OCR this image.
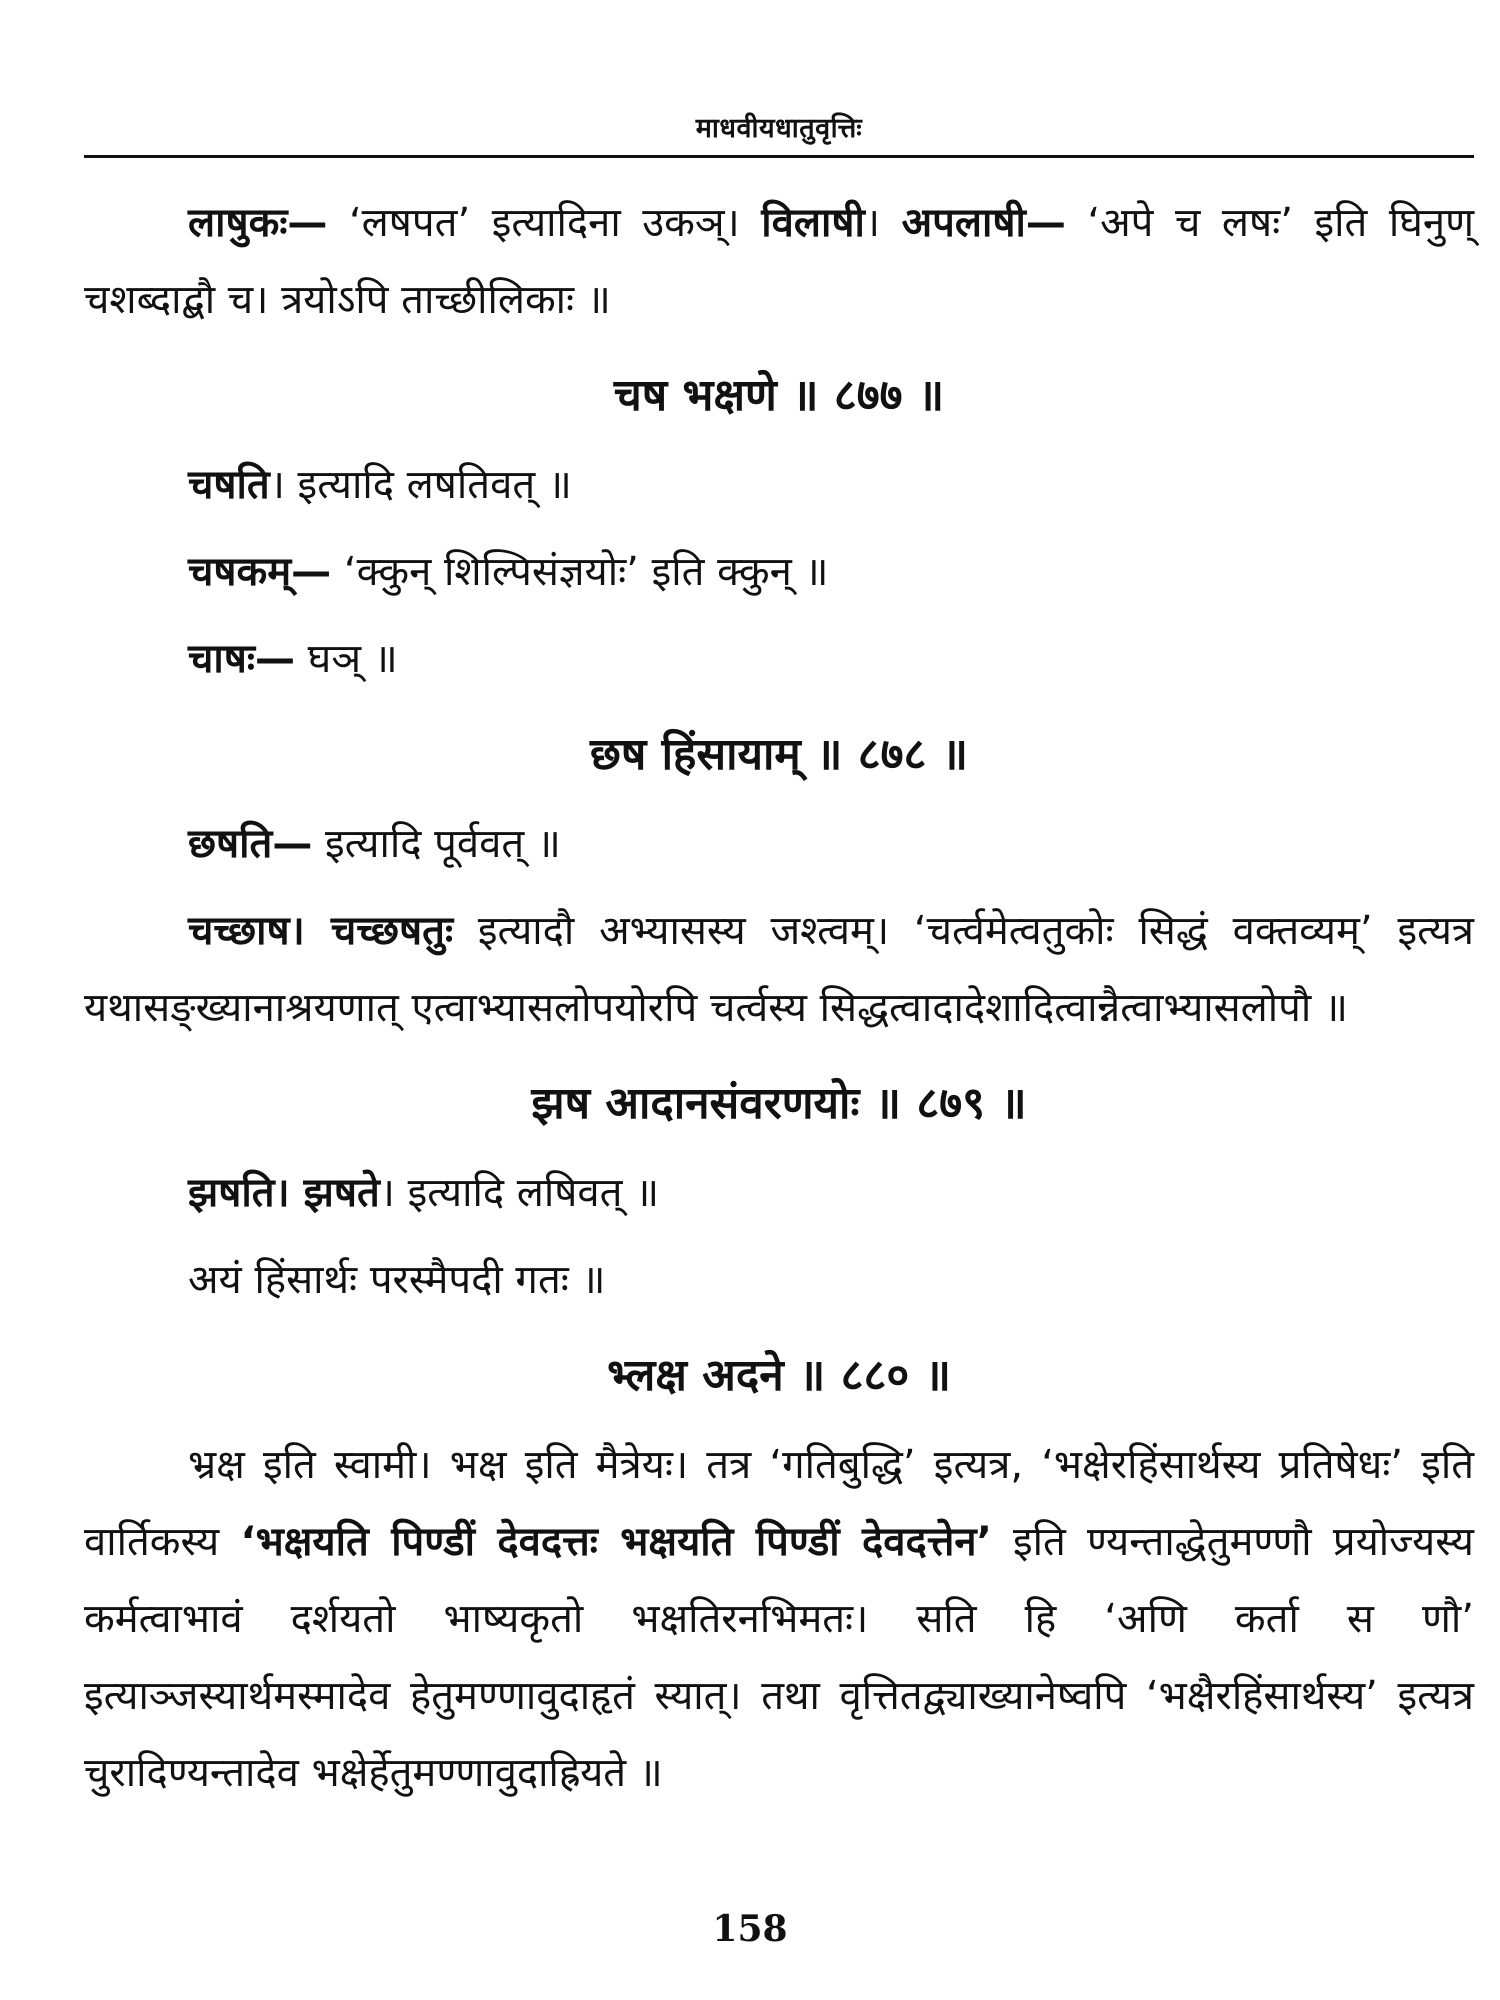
माधवीयधातुवृत्तिः

लाषुकः— ‘लषपत’ इत्यादिना उकञ्। विलाषी। अपलाषी— ‘अपे च लषः’ इति घिनुण् चशब्दाद्बौ च। त्रयोऽपि ताच्छीलिकाः ॥

चष भक्षणे ॥ ८७७ ॥

चषति। इत्यादि लषतिवत् ॥

चषकम्— ‘क्कुन् शिल्पिसंज्ञयोः’ इति क्कुन् ॥

चाषः— घञ् ॥

छष हिंसायाम् ॥ ८७८ ॥

छषति— इत्यादि पूर्ववत् ॥

चच्छाष। चच्छषतुः इत्यादौ अभ्यासस्य जश्त्वम्। ‘चर्त्वमेत्वतुकोः सिद्धं वक्तव्यम्’ इत्यत्र यथासङ्ख्यानाश्रयणात् एत्वाभ्यासलोपयोरपि चर्त्वस्य सिद्धत्वादादेशादित्वान्नैत्वाभ्यासलोपौ ॥

झष आदानसंवरणयोः ॥ ८७९ ॥

झषति। झषते। इत्यादि लषिवत् ॥

अयं हिंसार्थः परस्मैपदी गतः ॥

भ्लक्ष अदने ॥ ८८० ॥

भ्रक्ष इति स्वामी। भक्ष इति मैत्रेयः। तत्र ‘गतिबुद्धि’ इत्यत्र, ‘भक्षेरहिंसार्थस्य प्रतिषेधः’ इति वार्तिकस्य ‘भक्षयति पिण्डीं देवदत्तः भक्षयति पिण्डीं देवदत्तेन’ इति ण्यन्ताद्धेतुमण्णौ प्रयोज्यस्य कर्मत्वाभावं दर्शयतो भाष्यकृतो भक्षतिरनभिमतः। सति हि ‘अणि कर्ता स णौ’ इत्याञ्जस्यार्थमस्मादेव हेतुमण्णावुदाहृतं स्यात्। तथा वृत्तितद्व्याख्यानेष्वपि ‘भक्षैरहिंसार्थस्य’ इत्यत्र चुरादिण्यन्तादेव भक्षेर्हेतुमण्णावुदाह्रियते ॥

158
